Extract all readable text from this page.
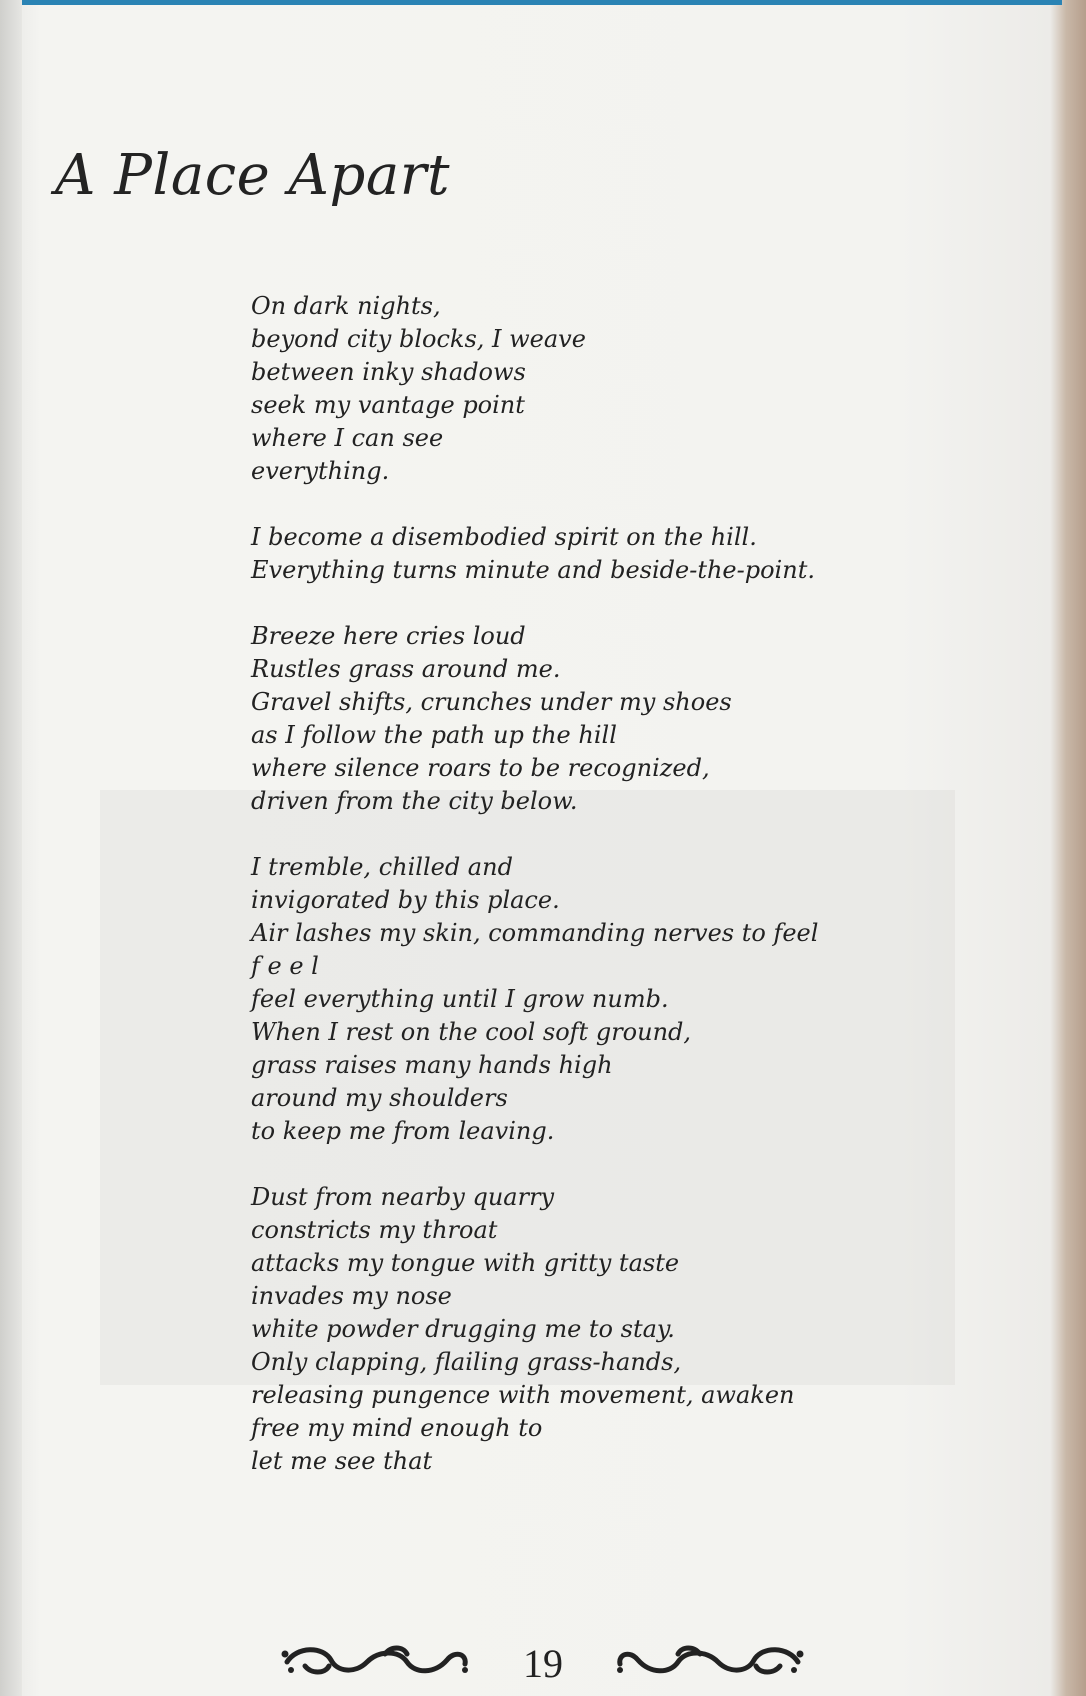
A Place Apart
On dark nights,
beyond city blocks, I weave
between inky shadows
seek my vantage point
where I can see
everything.
I become a disembodied spirit on the hill.
Everything turns minute and beside-the-point.
Breeze here cries loud
Rustles grass around me.
Gravel shifts, crunches under my shoes
as I follow the path up the hill
where silence roars to be recognized,
driven from the city below.
I tremble, chilled and
invigorated by this place.
Air lashes my skin, commanding nerves to feel
f e e l
feel everything until I grow numb.
When I rest on the cool soft ground,
grass raises many hands high
around my shoulders
to keep me from leaving.
Dust from nearby quarry
constricts my throat
attacks my tongue with gritty taste
invades my nose
white powder drugging me to stay.
Only clapping, flailing grass-hands,
releasing pungence with movement, awaken
free my mind enough to
let me see that
19
